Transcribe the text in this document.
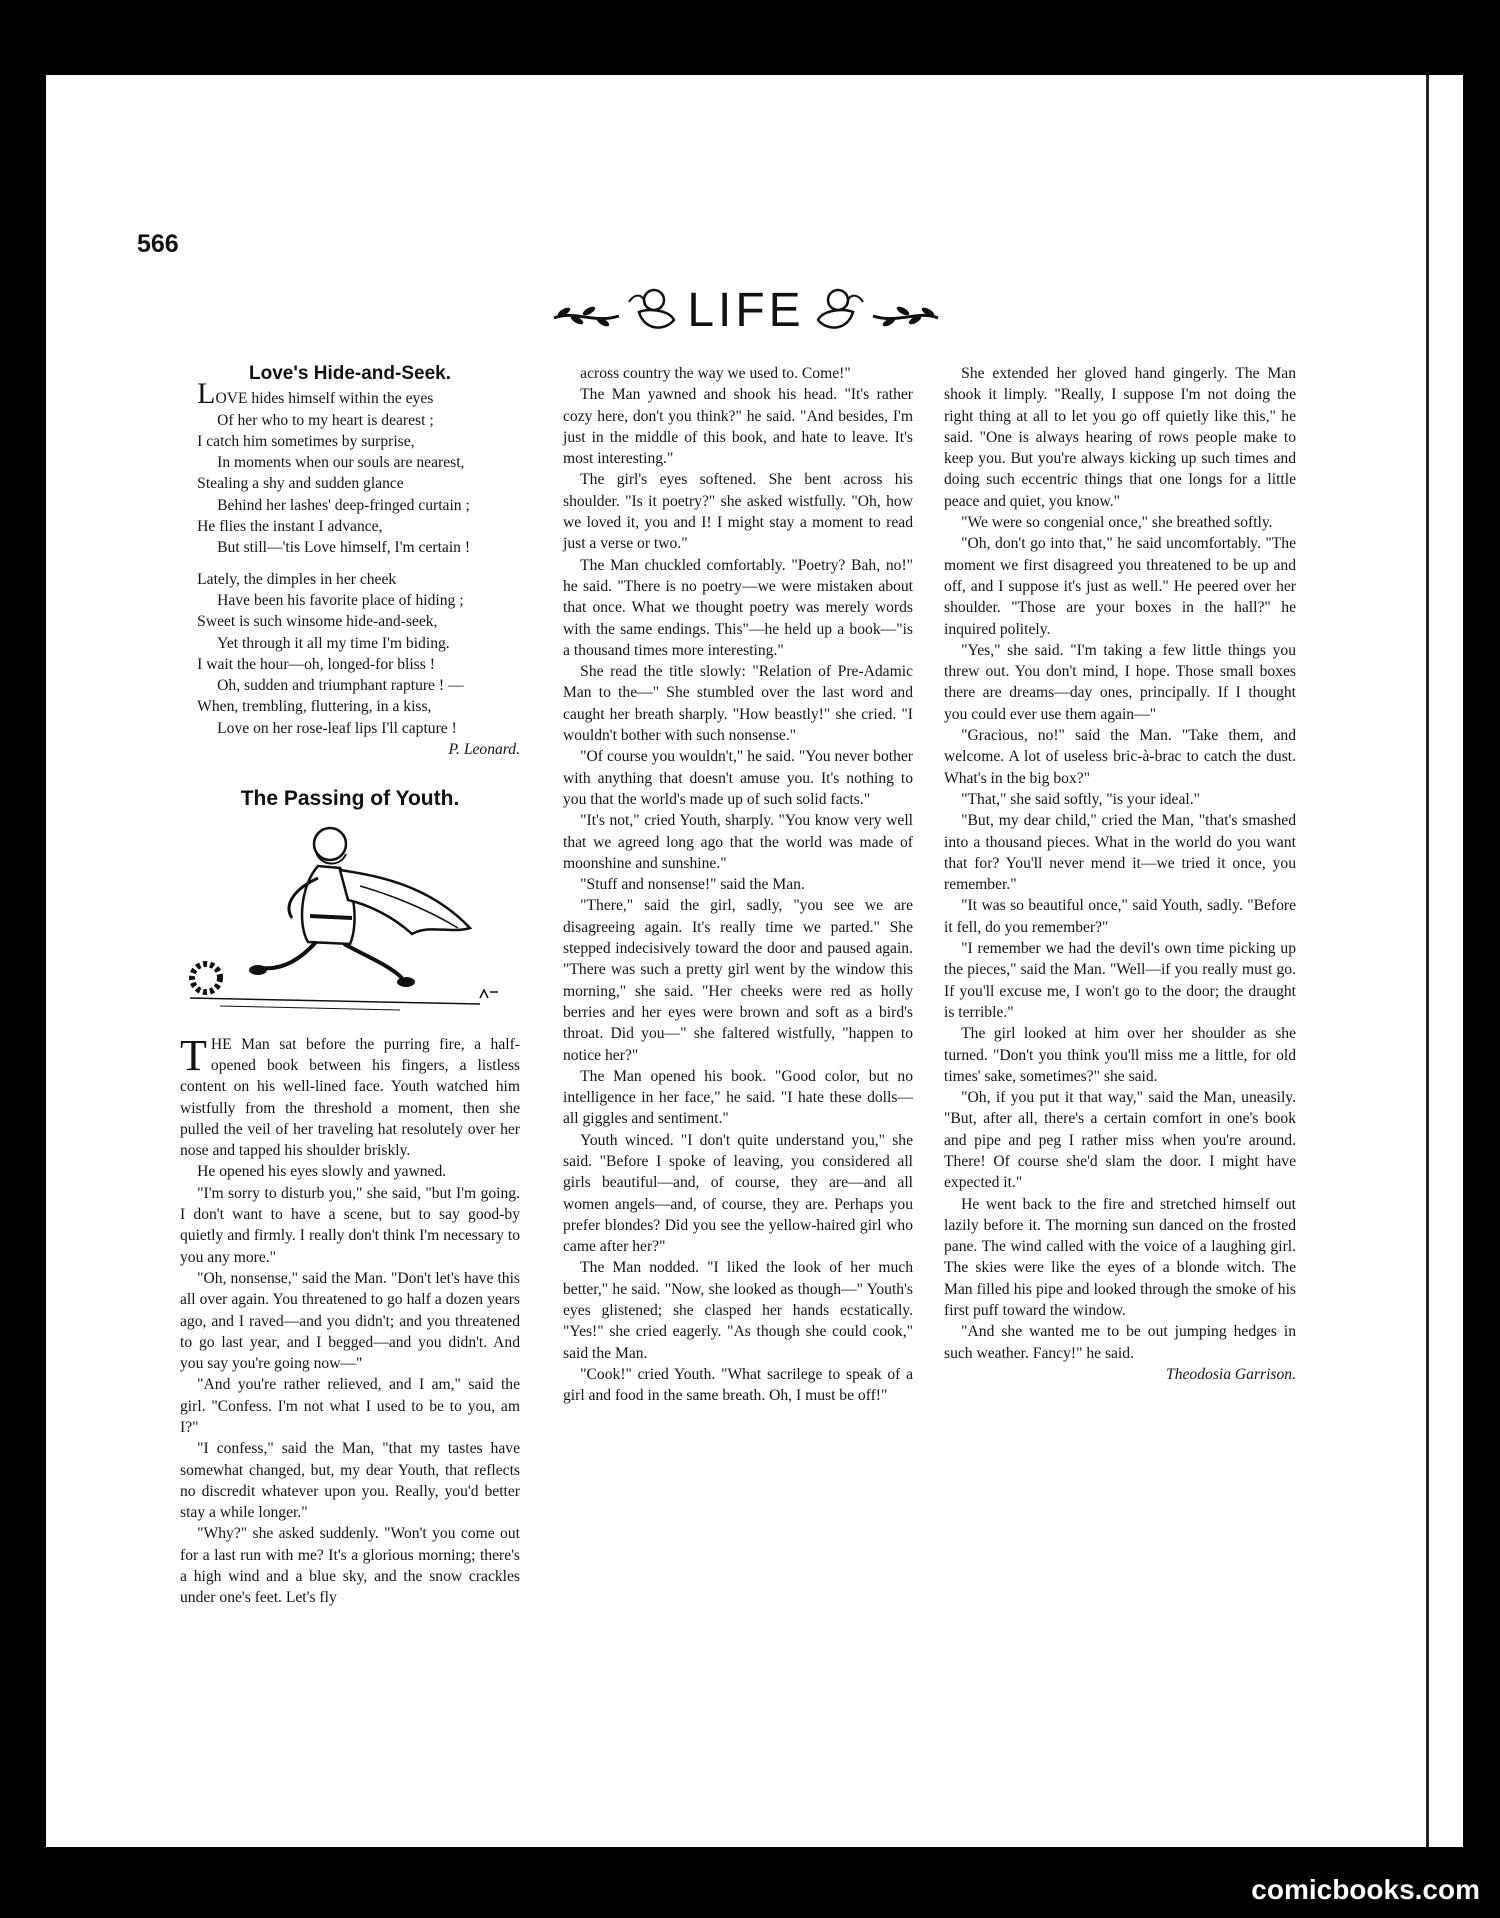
566

LIFE
Love's Hide-and-Seek.

LOVE hides himself within the eyes

Of her who to my heart is dearest ;

I catch him sometimes by surprise,

In moments when our souls are nearest,

Stealing a shy and sudden glance

Behind her lashes' deep-fringed curtain ;

He flies the instant I advance,

But still—'tis Love himself, I'm certain !

Lately, the dimples in her cheek

Have been his favorite place of hiding ;

Sweet is such winsome hide-and-seek,

Yet through it all my time I'm biding.

I wait the hour—oh, longed-for bliss !

Oh, sudden and triumphant rapture ! —

When, trembling, fluttering, in a kiss,

Love on her rose-leaf lips I'll capture !

P. Leonard.

The Passing of Youth.

THE Man sat before the purring fire, a half-opened book between his fingers, a listless content on his well-lined face. Youth watched him wistfully from the threshold a moment, then she pulled the veil of her traveling hat resolutely over her nose and tapped his shoulder briskly.

He opened his eyes slowly and yawned.

"I'm sorry to disturb you," she said, "but I'm going. I don't want to have a scene, but to say good-by quietly and firmly. I really don't think I'm necessary to you any more."

"Oh, nonsense," said the Man. "Don't let's have this all over again. You threatened to go half a dozen years ago, and I raved—and you didn't; and you threatened to go last year, and I begged—and you didn't. And you say you're going now—"

"And you're rather relieved, and I am," said the girl. "Confess. I'm not what I used to be to you, am I?"

"I confess," said the Man, "that my tastes have somewhat changed, but, my dear Youth, that reflects no discredit whatever upon you. Really, you'd better stay a while longer."

"Why?" she asked suddenly. "Won't you come out for a last run with me? It's a glorious morning; there's a high wind and a blue sky, and the snow crackles under one's feet. Let's fly

across country the way we used to. Come!"

The Man yawned and shook his head. "It's rather cozy here, don't you think?" he said. "And besides, I'm just in the middle of this book, and hate to leave. It's most interesting."

The girl's eyes softened. She bent across his shoulder. "Is it poetry?" she asked wistfully. "Oh, how we loved it, you and I! I might stay a moment to read just a verse or two."

The Man chuckled comfortably. "Poetry? Bah, no!" he said. "There is no poetry—we were mistaken about that once. What we thought poetry was merely words with the same endings. This"—he held up a book—"is a thousand times more interesting."

She read the title slowly: "Relation of Pre-Adamic Man to the—" She stumbled over the last word and caught her breath sharply. "How beastly!" she cried. "I wouldn't bother with such nonsense."

"Of course you wouldn't," he said. "You never bother with anything that doesn't amuse you. It's nothing to you that the world's made up of such solid facts."

"It's not," cried Youth, sharply. "You know very well that we agreed long ago that the world was made of moonshine and sunshine."

"Stuff and nonsense!" said the Man.

"There," said the girl, sadly, "you see we are disagreeing again. It's really time we parted." She stepped indecisively toward the door and paused again. "There was such a pretty girl went by the window this morning," she said. "Her cheeks were red as holly berries and her eyes were brown and soft as a bird's throat. Did you—" she faltered wistfully, "happen to notice her?"

The Man opened his book. "Good color, but no intelligence in her face," he said. "I hate these dolls—all giggles and sentiment."

Youth winced. "I don't quite understand you," she said. "Before I spoke of leaving, you considered all girls beautiful—and, of course, they are—and all women angels—and, of course, they are. Perhaps you prefer blondes? Did you see the yellow-haired girl who came after her?"

The Man nodded. "I liked the look of her much better," he said. "Now, she looked as though—" Youth's eyes glistened; she clasped her hands ecstatically. "Yes!" she cried eagerly. "As though she could cook," said the Man.

"Cook!" cried Youth. "What sacrilege to speak of a girl and food in the same breath. Oh, I must be off!"

She extended her gloved hand gingerly. The Man shook it limply. "Really, I suppose I'm not doing the right thing at all to let you go off quietly like this," he said. "One is always hearing of rows people make to keep you. But you're always kicking up such times and doing such eccentric things that one longs for a little peace and quiet, you know."

"We were so congenial once," she breathed softly.

"Oh, don't go into that," he said uncomfortably. "The moment we first disagreed you threatened to be up and off, and I suppose it's just as well." He peered over her shoulder. "Those are your boxes in the hall?" he inquired politely.

"Yes," she said. "I'm taking a few little things you threw out. You don't mind, I hope. Those small boxes there are dreams—day ones, principally. If I thought you could ever use them again—"

"Gracious, no!" said the Man. "Take them, and welcome. A lot of useless bric-à-brac to catch the dust. What's in the big box?"

"That," she said softly, "is your ideal."

"But, my dear child," cried the Man, "that's smashed into a thousand pieces. What in the world do you want that for? You'll never mend it—we tried it once, you remember."

"It was so beautiful once," said Youth, sadly. "Before it fell, do you remember?"

"I remember we had the devil's own time picking up the pieces," said the Man. "Well—if you really must go. If you'll excuse me, I won't go to the door; the draught is terrible."

The girl looked at him over her shoulder as she turned. "Don't you think you'll miss me a little, for old times' sake, sometimes?" she said.

"Oh, if you put it that way," said the Man, uneasily. "But, after all, there's a certain comfort in one's book and pipe and peg I rather miss when you're around. There! Of course she'd slam the door. I might have expected it."

He went back to the fire and stretched himself out lazily before it. The morning sun danced on the frosted pane. The wind called with the voice of a laughing girl. The skies were like the eyes of a blonde witch. The Man filled his pipe and looked through the smoke of his first puff toward the window.

"And she wanted me to be out jumping hedges in such weather. Fancy!" he said.

Theodosia Garrison.

comicbooks.com
